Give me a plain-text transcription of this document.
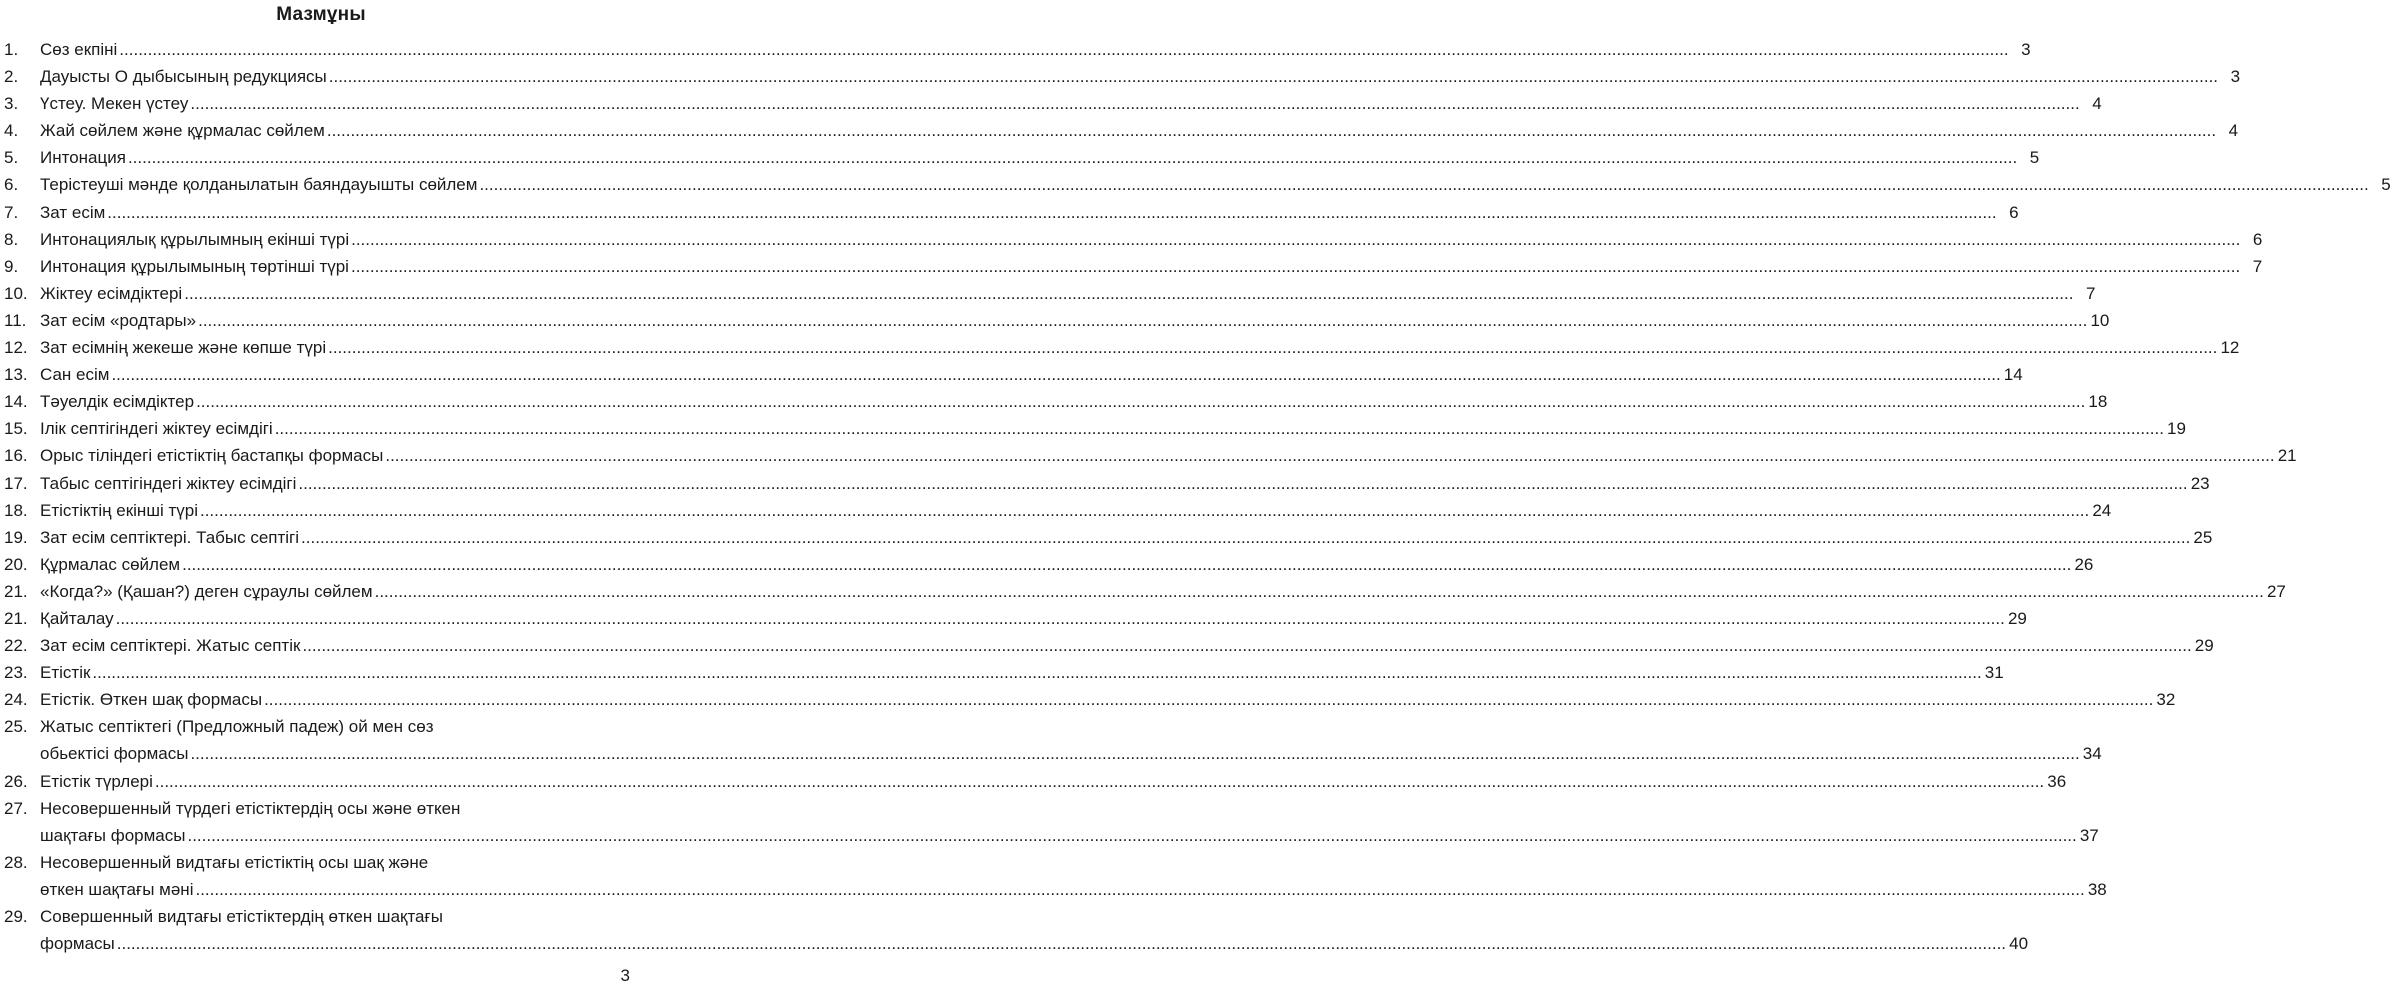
Мазмұны
1. Сөз екпіні ................................................................................................................................................................................................................................................................................................................................................................................................................ 3
2. Дауысты О дыбысының редукциясы ................................................................................................................................................................................................................................................................................................................................................................................................................ 3
3. Үстеу. Мекен үстеу ................................................................................................................................................................................................................................................................................................................................................................................................................ 4
4. Жай сөйлем және құрмалас сөйлем ................................................................................................................................................................................................................................................................................................................................................................................................................ 4
5. Интонация ................................................................................................................................................................................................................................................................................................................................................................................................................ 5
6. Терістеуші мәнде қолданылатын баяндауышты сөйлем ................................................................................................................................................................................................................................................................................................................................................................................................................ 5
7. Зат есім ................................................................................................................................................................................................................................................................................................................................................................................................................ 6
8. Интонациялық құрылымның екінші түрі ................................................................................................................................................................................................................................................................................................................................................................................................................ 6
9. Интонация құрылымының төртінші түрі ................................................................................................................................................................................................................................................................................................................................................................................................................ 7
10. Жіктеу есімдіктері ................................................................................................................................................................................................................................................................................................................................................................................................................ 7
11. Зат есім «родтары» ................................................................................................................................................................................................................................................................................................................................................................................................................ 10
12. Зат есімнің жекеше және көпше түрі ................................................................................................................................................................................................................................................................................................................................................................................................................ 12
13. Сан есім ................................................................................................................................................................................................................................................................................................................................................................................................................ 14
14. Тәуелдік есімдіктер ................................................................................................................................................................................................................................................................................................................................................................................................................ 18
15. Ілік септігіндегі жіктеу есімдігі ................................................................................................................................................................................................................................................................................................................................................................................................................ 19
16. Орыс тіліндегі етістіктің бастапқы формасы ................................................................................................................................................................................................................................................................................................................................................................................................................ 21
17. Табыс септігіндегі жіктеу есімдігі ................................................................................................................................................................................................................................................................................................................................................................................................................ 23
18. Етістіктің екінші түрі ................................................................................................................................................................................................................................................................................................................................................................................................................ 24
19. Зат есім септіктері. Табыс септігі ................................................................................................................................................................................................................................................................................................................................................................................................................ 25
20. Құрмалас сөйлем ................................................................................................................................................................................................................................................................................................................................................................................................................ 26
21. «Когда?» (Қашан?) деген сұраулы сөйлем ................................................................................................................................................................................................................................................................................................................................................................................................................ 27
21. Қайталау ................................................................................................................................................................................................................................................................................................................................................................................................................ 29
22. Зат есім септіктері. Жатыс септік ................................................................................................................................................................................................................................................................................................................................................................................................................ 29
23. Етістік ................................................................................................................................................................................................................................................................................................................................................................................................................ 31
24. Етістік. Өткен шақ формасы ................................................................................................................................................................................................................................................................................................................................................................................................................ 32
25. Жатыс септіктегі (Предложный падеж) ой мен сөз
обьектісі формасы ................................................................................................................................................................................................................................................................................................................................................................................................................ 34
26. Етістік түрлері ................................................................................................................................................................................................................................................................................................................................................................................................................ 36
27. Несовершенный түрдегі етістіктердің осы және өткен
шақтағы формасы ................................................................................................................................................................................................................................................................................................................................................................................................................ 37
28. Несовершенный видтағы етістіктің осы шақ және
өткен шақтағы мәні ................................................................................................................................................................................................................................................................................................................................................................................................................ 38
29. Совершенный видтағы етістіктердің өткен шақтағы
формасы ................................................................................................................................................................................................................................................................................................................................................................................................................ 40
3
